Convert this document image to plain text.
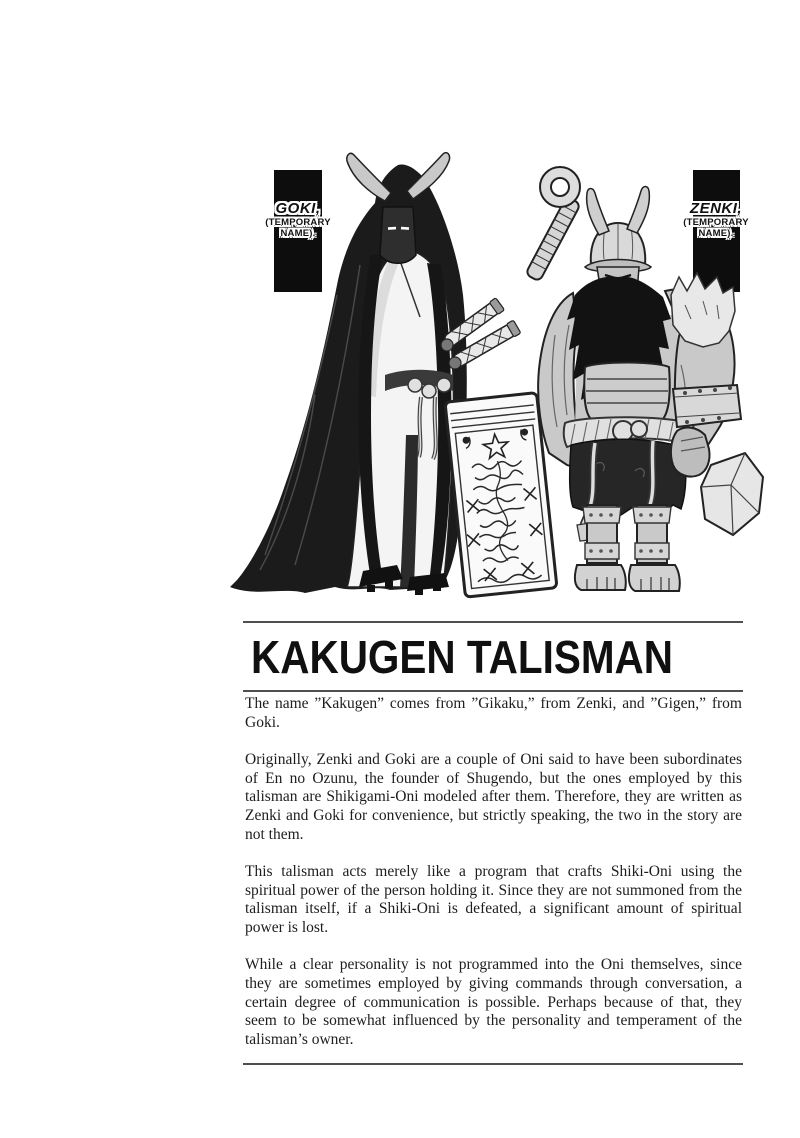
GOKI,
(TEMPORARY
NAME).
ZENKI,
(TEMPORARY
NAME).
KAKUGEN TALISMAN

The name ”Kakugen” comes from ”Gikaku,” from Zenki, and ”Gigen,” from Goki.

Originally, Zenki and Goki are a couple of Oni said to have been subordinates of En no Ozunu, the founder of Shugendo, but the ones employed by this talisman are Shikigami-Oni modeled after them. Therefore, they are written as Zenki and Goki for convenience, but strictly speaking, the two in the story are not them.

This talisman acts merely like a program that crafts Shiki-Oni using the spiritual power of the person holding it. Since they are not summoned from the talisman itself, if a Shiki-Oni is defeated, a significant amount of spiritual power is lost.

While a clear personality is not programmed into the Oni themselves, since they are sometimes employed by giving commands through conversation, a certain degree of communication is possible. Perhaps because of that, they seem to be somewhat influenced by the personality and temperament of the talisman’s owner.
